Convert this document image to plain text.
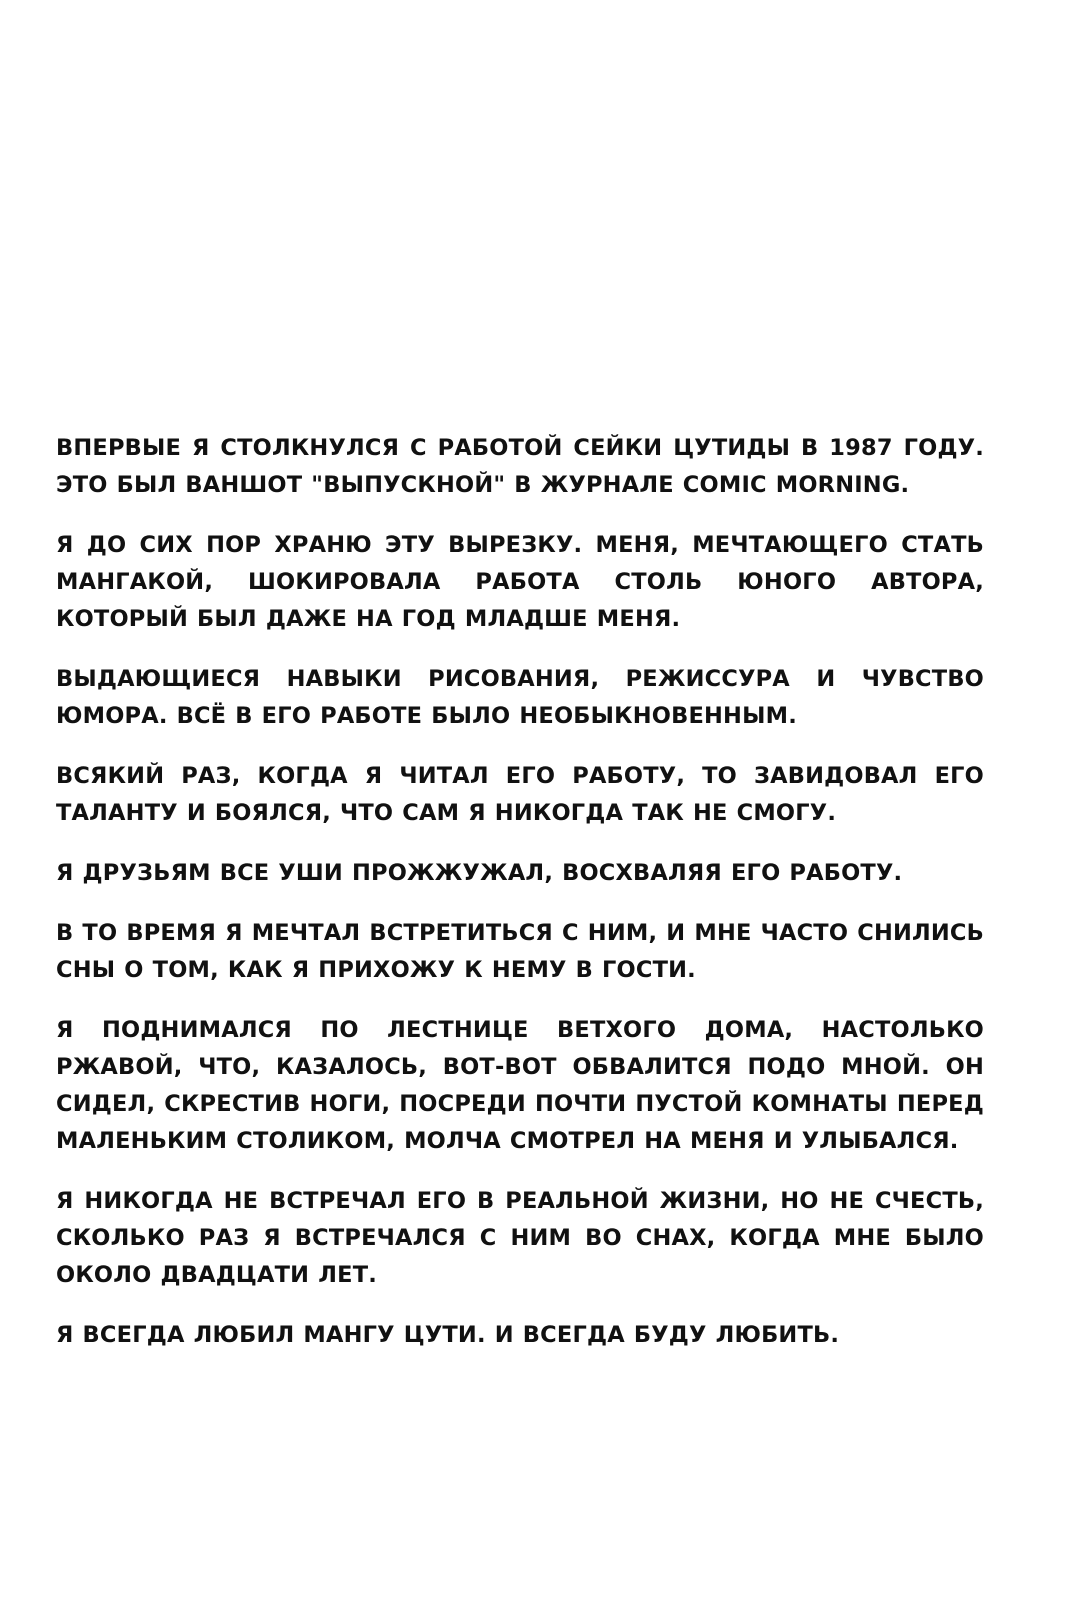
ВПЕРВЫЕ Я СТОЛКНУЛСЯ С РАБОТОЙ СЕЙКИ ЦУТИДЫ В 1987 ГОДУ. ЭТО БЫЛ ВАНШОТ "ВЫПУСКНОЙ" В ЖУРНАЛЕ COMIC MORNING.

Я ДО СИХ ПОР ХРАНЮ ЭТУ ВЫРЕЗКУ. МЕНЯ, МЕЧТАЮЩЕГО СТАТЬ МАНГАКОЙ, ШОКИРОВАЛА РАБОТА СТОЛЬ ЮНОГО АВТОРА, КОТОРЫЙ БЫЛ ДАЖЕ НА ГОД МЛАДШЕ МЕНЯ.

ВЫДАЮЩИЕСЯ НАВЫКИ РИСОВАНИЯ, РЕЖИССУРА И ЧУВСТВО ЮМОРА. ВСЁ В ЕГО РАБОТЕ БЫЛО НЕОБЫКНОВЕННЫМ.

ВСЯКИЙ РАЗ, КОГДА Я ЧИТАЛ ЕГО РАБОТУ, ТО ЗАВИДОВАЛ ЕГО ТАЛАНТУ И БОЯЛСЯ, ЧТО САМ Я НИКОГДА ТАК НЕ СМОГУ.

Я ДРУЗЬЯМ ВСЕ УШИ ПРОЖЖУЖАЛ, ВОСХВАЛЯЯ ЕГО РАБОТУ.

В ТО ВРЕМЯ Я МЕЧТАЛ ВСТРЕТИТЬСЯ С НИМ, И МНЕ ЧАСТО СНИЛИСЬ СНЫ О ТОМ, КАК Я ПРИХОЖУ К НЕМУ В ГОСТИ.

Я ПОДНИМАЛСЯ ПО ЛЕСТНИЦЕ ВЕТХОГО ДОМА, НАСТОЛЬКО РЖАВОЙ, ЧТО, КАЗАЛОСЬ, ВОТ-ВОТ ОБВАЛИТСЯ ПОДО МНОЙ. ОН СИДЕЛ, СКРЕСТИВ НОГИ, ПОСРЕДИ ПОЧТИ ПУСТОЙ КОМНАТЫ ПЕРЕД МАЛЕНЬКИМ СТОЛИКОМ, МОЛЧА СМОТРЕЛ НА МЕНЯ И УЛЫБАЛСЯ.

Я НИКОГДА НЕ ВСТРЕЧАЛ ЕГО В РЕАЛЬНОЙ ЖИЗНИ, НО НЕ СЧЕСТЬ, СКОЛЬКО РАЗ Я ВСТРЕЧАЛСЯ С НИМ ВО СНАХ, КОГДА МНЕ БЫЛО ОКОЛО ДВАДЦАТИ ЛЕТ.

Я ВСЕГДА ЛЮБИЛ МАНГУ ЦУТИ. И ВСЕГДА БУДУ ЛЮБИТЬ.
